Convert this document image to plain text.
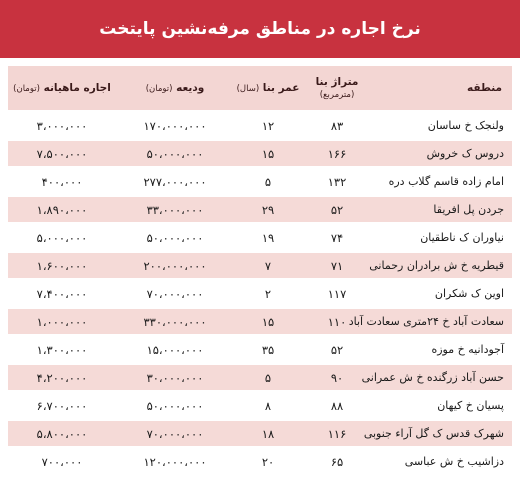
نرخ اجاره در مناطق مرفه‌نشین پایتخت
منطقه	متراژ بنا (مترمربع)	عمر بنا (سال)	ودیعه (تومان)	اجاره ماهیانه (تومان)
ولنجک خ ساسان	۸۳	۱۲	۱۷۰،۰۰۰،۰۰۰	۳،۰۰۰،۰۰۰
دروس ک خروش	۱۶۶	۱۵	۵۰،۰۰۰،۰۰۰	۷،۵۰۰،۰۰۰
امام زاده قاسم گلاب دره	۱۳۲	۵	۲۷۷،۰۰۰،۰۰۰	۴۰۰،۰۰۰
جردن پل افریقا	۵۲	۲۹	۳۳،۰۰۰،۰۰۰	۱،۸۹۰،۰۰۰
نیاوران ک ناطقیان	۷۴	۱۹	۵۰،۰۰۰،۰۰۰	۵،۰۰۰،۰۰۰
قیطریه خ ش برادران رحمانی	۷۱	۷	۲۰۰،۰۰۰،۰۰۰	۱،۶۰۰،۰۰۰
اوین ک شکران	۱۱۷	۲	۷۰،۰۰۰،۰۰۰	۷،۴۰۰،۰۰۰
سعادت آباد خ ۲۴متری سعادت آباد	۱۱۰	۱۵	۳۳۰،۰۰۰،۰۰۰	۱،۰۰۰،۰۰۰
آجودانیه خ موزه	۵۲	۳۵	۱۵،۰۰۰،۰۰۰	۱،۳۰۰،۰۰۰
حسن آباد زرگنده خ ش عمرانی	۹۰	۵	۳۰،۰۰۰،۰۰۰	۴،۲۰۰،۰۰۰
پسیان خ کیهان	۸۸	۸	۵۰،۰۰۰،۰۰۰	۶،۷۰۰،۰۰۰
شهرک قدس ک گل آراء جنوبی	۱۱۶	۱۸	۷۰،۰۰۰،۰۰۰	۵،۸۰۰،۰۰۰
دزاشیب خ ش عباسی	۶۵	۲۰	۱۲۰،۰۰۰،۰۰۰	۷۰۰،۰۰۰
